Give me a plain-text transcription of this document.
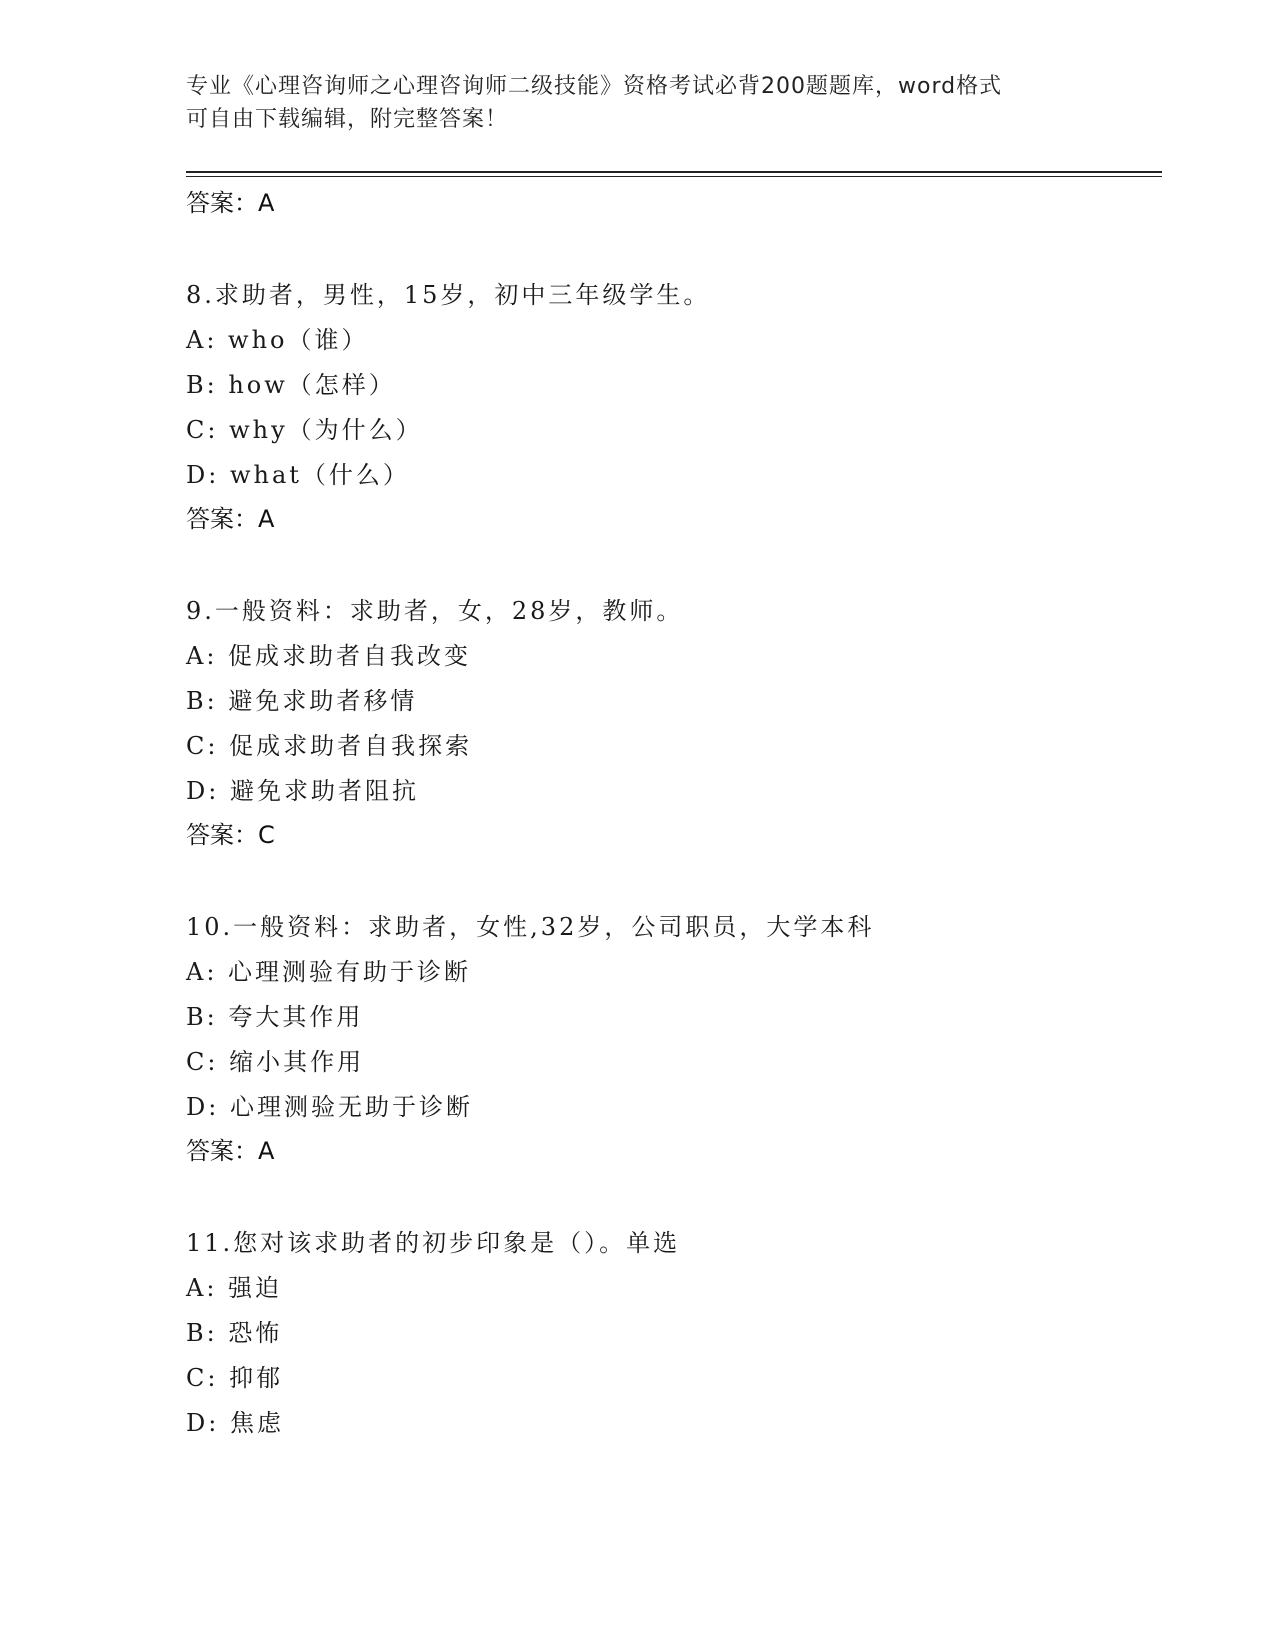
专业《心理咨询师之心理咨询师二级技能》资格考试必背200题题库，word格式
可自由下载编辑，附完整答案！
答案：A
8.求助者，男性，15岁，初中三年级学生。
A: who（谁）
B: how（怎样）
C: why（为什么）
D: what（什么）
答案：A
9.一般资料：求助者，女，28岁，教师。
A: 促成求助者自我改变
B: 避免求助者移情
C: 促成求助者自我探索
D: 避免求助者阻抗
答案：C
10.一般资料：求助者，女性,32岁，公司职员，大学本科
A: 心理测验有助于诊断
B: 夸大其作用
C: 缩小其作用
D: 心理测验无助于诊断
答案：A
11.您对该求助者的初步印象是（）。单选
A: 强迫
B: 恐怖
C: 抑郁
D: 焦虑
